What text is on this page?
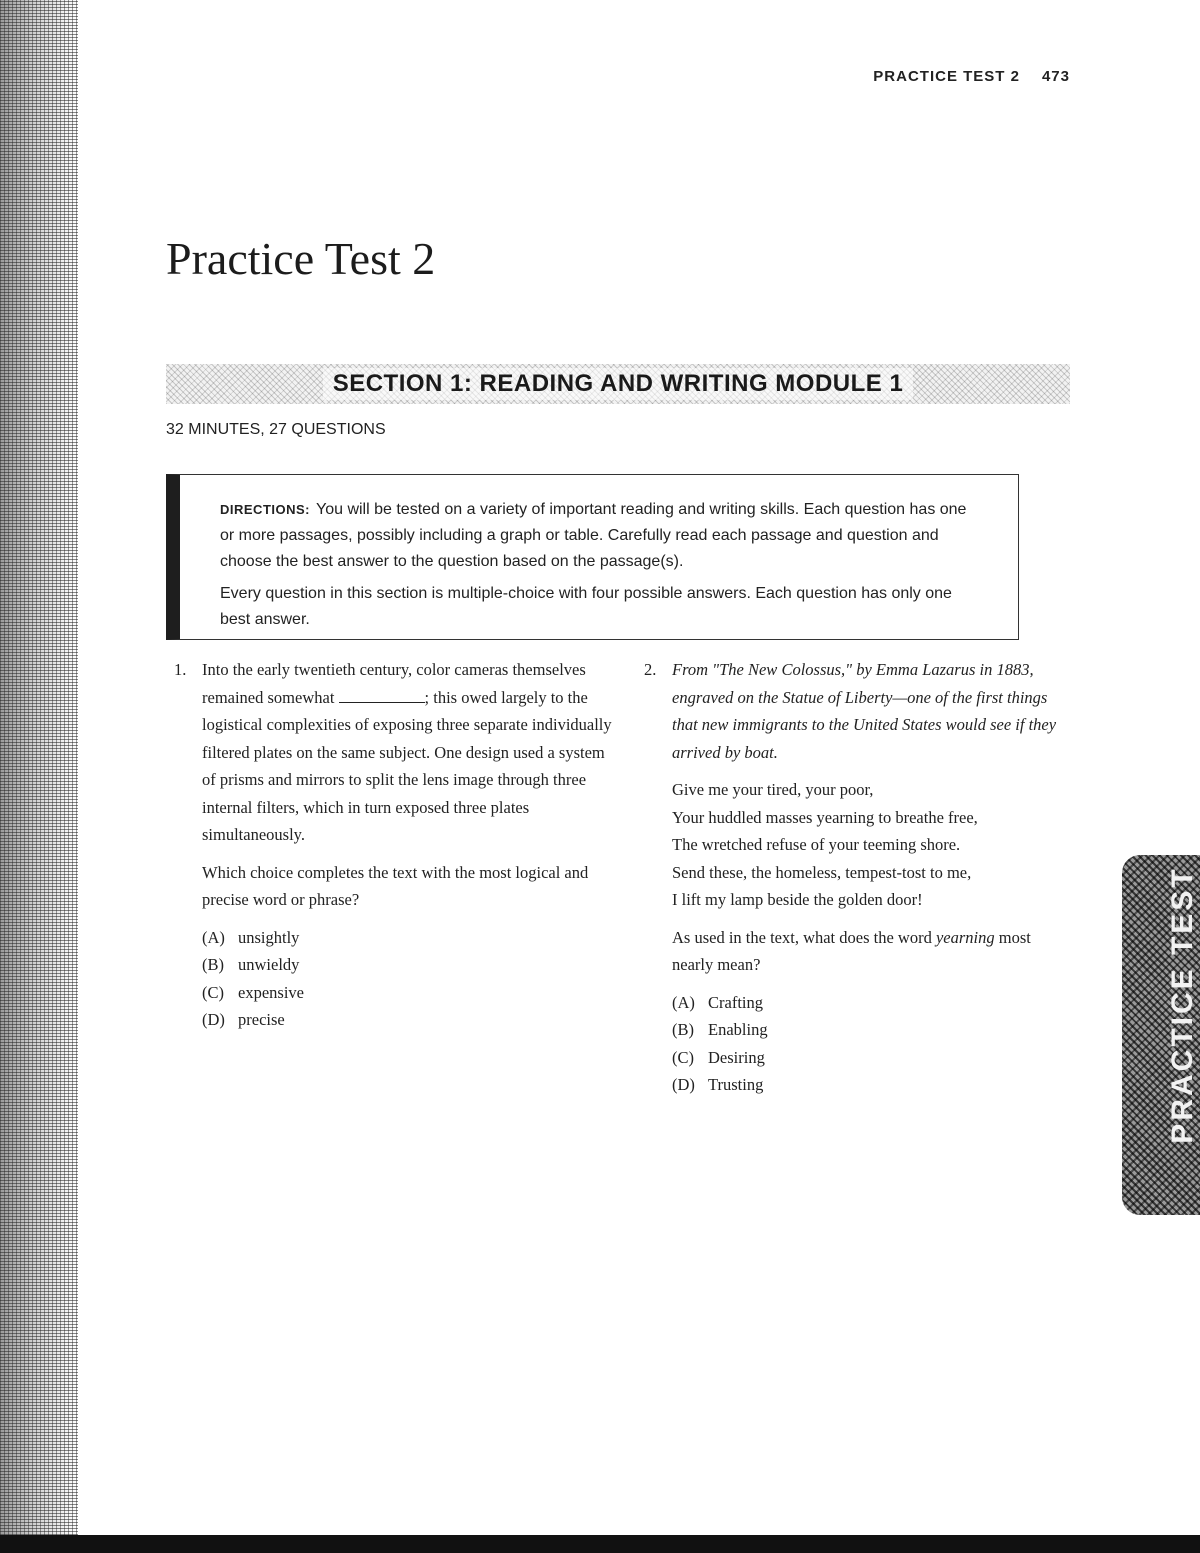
PRACTICE TEST
PRACTICE TEST 2 473
Practice Test 2
SECTION 1: READING AND WRITING MODULE 1
32 MINUTES, 27 QUESTIONS

DIRECTIONS: You will be tested on a variety of important reading and writing skills. Each question has one or more passages, possibly including a graph or table. Carefully read each passage and question and choose the best answer to the question based on the passage(s).

Every question in this section is multiple-choice with four possible answers. Each question has only one best answer.

1. Into the early twentieth century, color cameras themselves remained somewhat	; this owed largely to the logistical complexities of exposing three separate individually filtered plates on the same subject. One design used a system of prisms and mirrors to split the lens image through three internal filters, which in turn exposed three plates simultaneously.

Which choice completes the text with the most logical and precise word or phrase?

(A) unsightly
(B) unwieldy
(C) expensive
(D) precise
2. From "The New Colossus," by Emma Lazarus in 1883, engraved on the Statue of Liberty—one of the first things that new immigrants to the United States would see if they arrived by boat.

Give me your tired, your poor,
Your huddled masses yearning to breathe free,
The wretched refuse of your teeming shore.
Send these, the homeless, tempest-tost to me,
I lift my lamp beside the golden door!

As used in the text, what does the word yearning most nearly mean?

(A) Crafting
(B) Enabling
(C) Desiring
(D) Trusting
